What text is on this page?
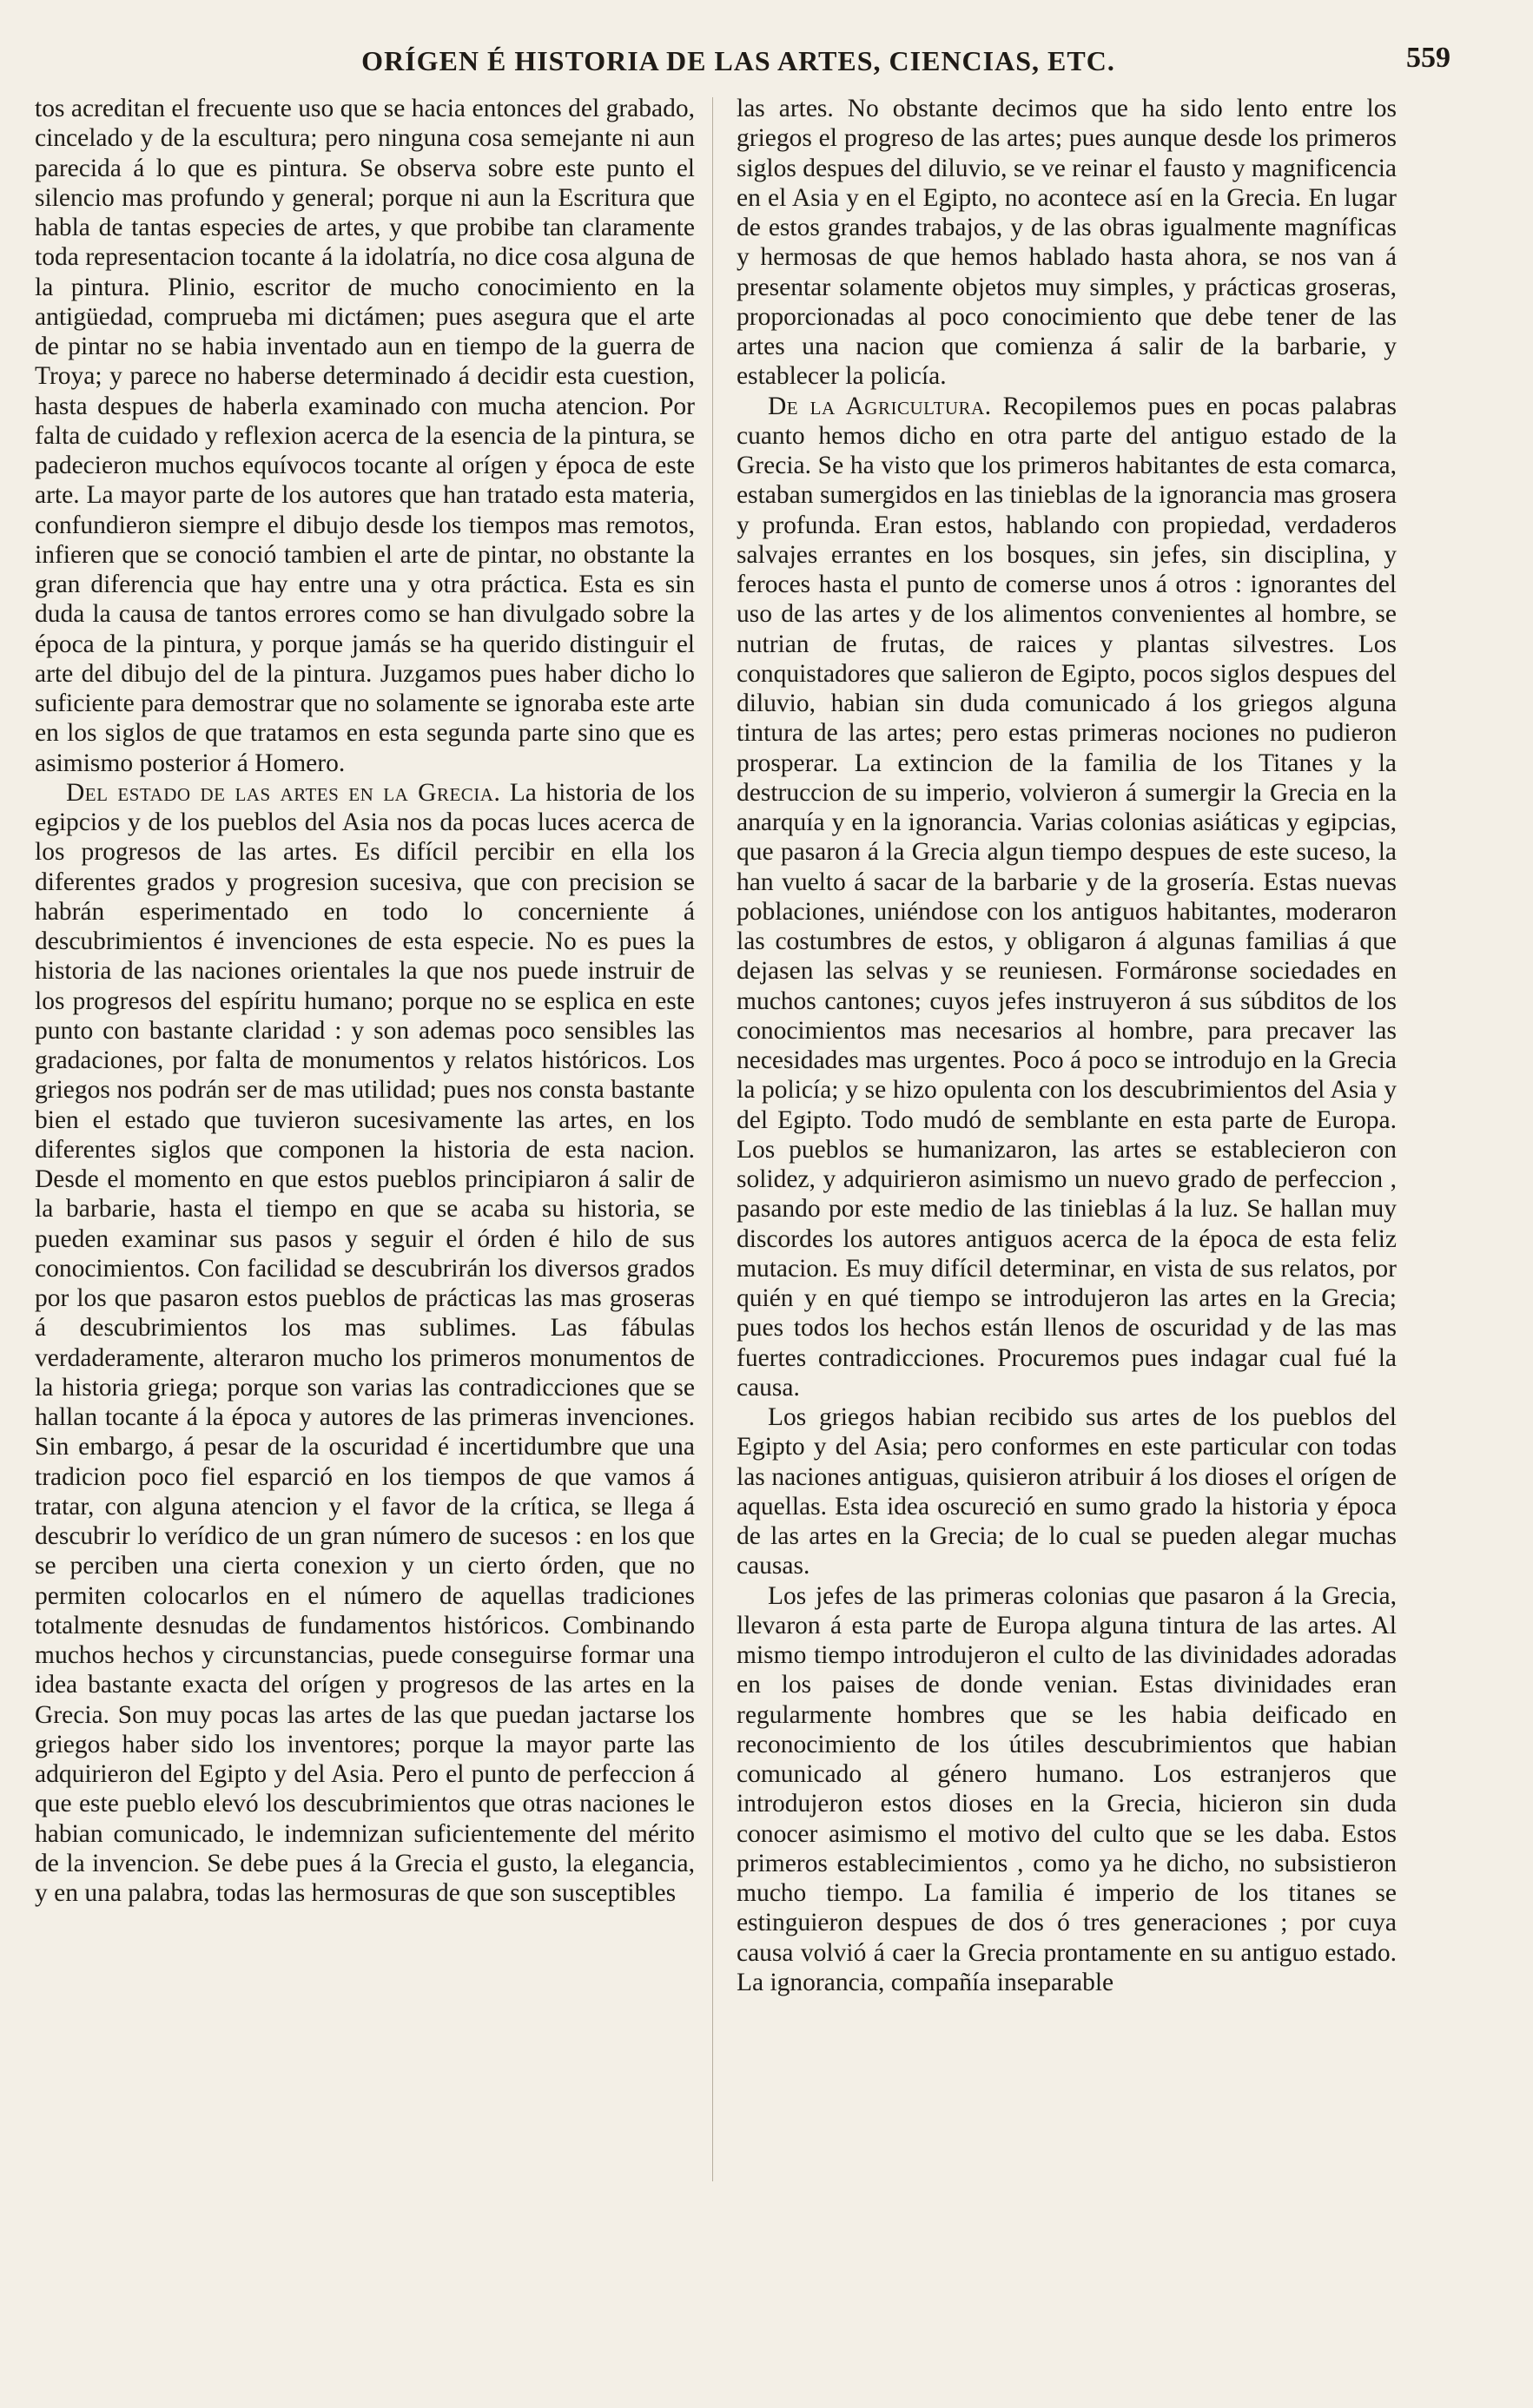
ORÍGEN É HISTORIA DE LAS ARTES, CIENCIAS, ETC.	559

tos acreditan el frecuente uso que se hacia entonces del grabado, cincelado y de la escultura; pero ninguna cosa semejante ni aun parecida á lo que es pintura. Se observa sobre este punto el silencio mas profundo y general; porque ni aun la Escritura que habla de tantas especies de artes, y que probibe tan claramente toda representacion tocante á la idolatría, no dice cosa alguna de la pintura. Plinio, escritor de mucho conocimiento en la antigüedad, comprueba mi dictámen; pues asegura que el arte de pintar no se habia inventado aun en tiempo de la guerra de Troya; y parece no haberse determinado á decidir esta cuestion, hasta despues de haberla examinado con mucha atencion. Por falta de cuidado y reflexion acerca de la esencia de la pintura, se padecieron muchos equívocos tocante al orígen y época de este arte. La mayor parte de los autores que han tratado esta materia, confundieron siempre el dibujo desde los tiempos mas remotos, infieren que se conoció tambien el arte de pintar, no obstante la gran diferencia que hay entre una y otra práctica. Esta es sin duda la causa de tantos errores como se han divulgado sobre la época de la pintura, y porque jamás se ha querido distinguir el arte del dibujo del de la pintura. Juzgamos pues haber dicho lo suficiente para demostrar que no solamente se ignoraba este arte en los siglos de que tratamos en esta segunda parte sino que es asimismo posterior á Homero.

Del estado de las artes en la Grecia. La historia de los egipcios y de los pueblos del Asia nos da pocas luces acerca de los progresos de las artes. Es difícil percibir en ella los diferentes grados y progresion sucesiva, que con precision se habrán esperimentado en todo lo concerniente á descubrimientos é invenciones de esta especie. No es pues la historia de las naciones orientales la que nos puede instruir de los progresos del espíritu humano; porque no se esplica en este punto con bastante claridad : y son ademas poco sensibles las gradaciones, por falta de monumentos y relatos históricos. Los griegos nos podrán ser de mas utilidad; pues nos consta bastante bien el estado que tuvieron sucesivamente las artes, en los diferentes siglos que componen la historia de esta nacion. Desde el momento en que estos pueblos principiaron á salir de la barbarie, hasta el tiempo en que se acaba su historia, se pueden examinar sus pasos y seguir el órden é hilo de sus conocimientos. Con facilidad se descubrirán los diversos grados por los que pasaron estos pueblos de prácticas las mas groseras á descubrimientos los mas sublimes. Las fábulas verdaderamente, alteraron mucho los primeros monumentos de la historia griega; porque son varias las contradicciones que se hallan tocante á la época y autores de las primeras invenciones. Sin embargo, á pesar de la oscuridad é incertidumbre que una tradicion poco fiel esparció en los tiempos de que vamos á tratar, con alguna atencion y el favor de la crítica, se llega á descubrir lo verídico de un gran número de sucesos : en los que se perciben una cierta conexion y un cierto órden, que no permiten colocarlos en el número de aquellas tradiciones totalmente desnudas de fundamentos históricos. Combinando muchos hechos y circunstancias, puede conseguirse formar una idea bastante exacta del orígen y progresos de las artes en la Grecia. Son muy pocas las artes de las que puedan jactarse los griegos haber sido los inventores; porque la mayor parte las adquirieron del Egipto y del Asia. Pero el punto de perfeccion á que este pueblo elevó los descubrimientos que otras naciones le habian comunicado, le indemnizan suficientemente del mérito de la invencion. Se debe pues á la Grecia el gusto, la elegancia, y en una palabra, todas las hermosuras de que son susceptibles

las artes. No obstante decimos que ha sido lento entre los griegos el progreso de las artes; pues aunque desde los primeros siglos despues del diluvio, se ve reinar el fausto y magnificencia en el Asia y en el Egipto, no acontece así en la Grecia. En lugar de estos grandes trabajos, y de las obras igualmente magníficas y hermosas de que hemos hablado hasta ahora, se nos van á presentar solamente objetos muy simples, y prácticas groseras, proporcionadas al poco conocimiento que debe tener de las artes una nacion que comienza á salir de la barbarie, y establecer la policía.

De la Agricultura. Recopilemos pues en pocas palabras cuanto hemos dicho en otra parte del antiguo estado de la Grecia. Se ha visto que los primeros habitantes de esta comarca, estaban sumergidos en las tinieblas de la ignorancia mas grosera y profunda. Eran estos, hablando con propiedad, verdaderos salvajes errantes en los bosques, sin jefes, sin disciplina, y feroces hasta el punto de comerse unos á otros : ignorantes del uso de las artes y de los alimentos convenientes al hombre, se nutrian de frutas, de raices y plantas silvestres. Los conquistadores que salieron de Egipto, pocos siglos despues del diluvio, habian sin duda comunicado á los griegos alguna tintura de las artes; pero estas primeras nociones no pudieron prosperar. La extincion de la familia de los Titanes y la destruccion de su imperio, volvieron á sumergir la Grecia en la anarquía y en la ignorancia. Varias colonias asiáticas y egipcias, que pasaron á la Grecia algun tiempo despues de este suceso, la han vuelto á sacar de la barbarie y de la grosería. Estas nuevas poblaciones, uniéndose con los antiguos habitantes, moderaron las costumbres de estos, y obligaron á algunas familias á que dejasen las selvas y se reuniesen. Formáronse sociedades en muchos cantones; cuyos jefes instruyeron á sus súbditos de los conocimientos mas necesarios al hombre, para precaver las necesidades mas urgentes. Poco á poco se introdujo en la Grecia la policía; y se hizo opulenta con los descubrimientos del Asia y del Egipto. Todo mudó de semblante en esta parte de Europa. Los pueblos se humanizaron, las artes se establecieron con solidez, y adquirieron asimismo un nuevo grado de perfeccion , pasando por este medio de las tinieblas á la luz. Se hallan muy discordes los autores antiguos acerca de la época de esta feliz mutacion. Es muy difícil determinar, en vista de sus relatos, por quién y en qué tiempo se introdujeron las artes en la Grecia; pues todos los hechos están llenos de oscuridad y de las mas fuertes contradicciones. Procuremos pues indagar cual fué la causa.

Los griegos habian recibido sus artes de los pueblos del Egipto y del Asia; pero conformes en este particular con todas las naciones antiguas, quisieron atribuir á los dioses el orígen de aquellas. Esta idea oscureció en sumo grado la historia y época de las artes en la Grecia; de lo cual se pueden alegar muchas causas.

Los jefes de las primeras colonias que pasaron á la Grecia, llevaron á esta parte de Europa alguna tintura de las artes. Al mismo tiempo introdujeron el culto de las divinidades adoradas en los paises de donde venian. Estas divinidades eran regularmente hombres que se les habia deificado en reconocimiento de los útiles descubrimientos que habian comunicado al género humano. Los estranjeros que introdujeron estos dioses en la Grecia, hicieron sin duda conocer asimismo el motivo del culto que se les daba. Estos primeros establecimientos , como ya he dicho, no subsistieron mucho tiempo. La familia é imperio de los titanes se estinguieron despues de dos ó tres generaciones ; por cuya causa volvió á caer la Grecia prontamente en su antiguo estado. La ignorancia, compañía inseparable
